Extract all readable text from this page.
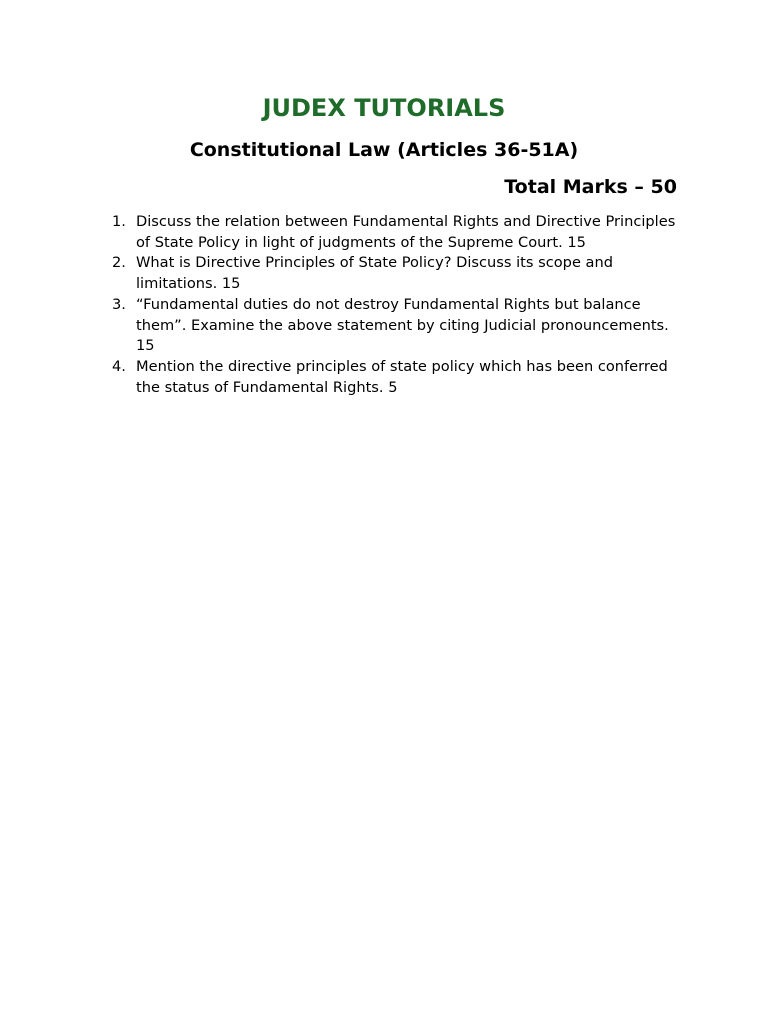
JUDEX TUTORIALS
Constitutional Law (Articles 36-51A)
Total Marks – 50
1. Discuss the relation between Fundamental Rights and Directive Principles of State Policy in light of judgments of the Supreme Court. 15
2. What is Directive Principles of State Policy? Discuss its scope and limitations. 15
3. “Fundamental duties do not destroy Fundamental Rights but balance them”. Examine the above statement by citing Judicial pronouncements. 15
4. Mention the directive principles of state policy which has been conferred the status of Fundamental Rights. 5
